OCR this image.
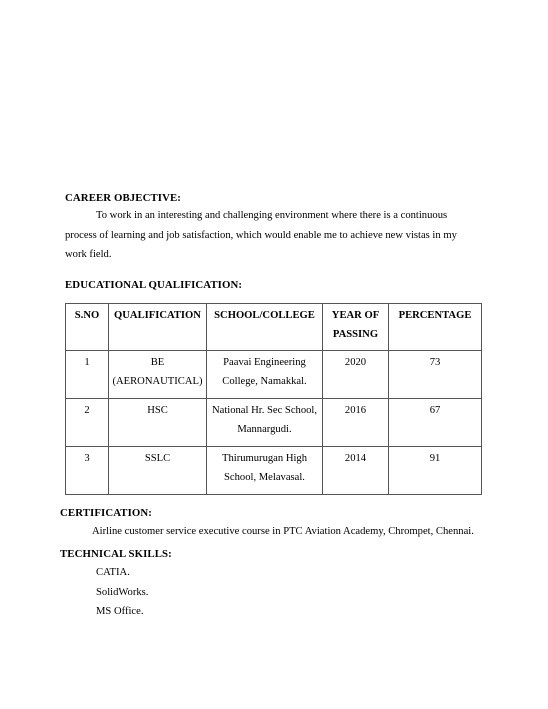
CAREER OBJECTIVE:
To work in an interesting and challenging environment where there is a continuous
process of learning and job satisfaction, which would enable me to achieve new vistas in my
work field.
EDUCATIONAL QUALIFICATION:
S.NO	QUALIFICATION	SCHOOL/COLLEGE	YEAR OF PASSING	PERCENTAGE
1	BE (AERONAUTICAL)	Paavai Engineering College, Namakkal.	2020	73
2	HSC	National Hr. Sec School, Mannargudi.	2016	67
3	SSLC	Thirumurugan High School, Melavasal.	2014	91
CERTIFICATION:
Airline customer service executive course in PTC Aviation Academy, Chrompet, Chennai.
TECHNICAL SKILLS:
CATIA.
SolidWorks.
MS Office.
